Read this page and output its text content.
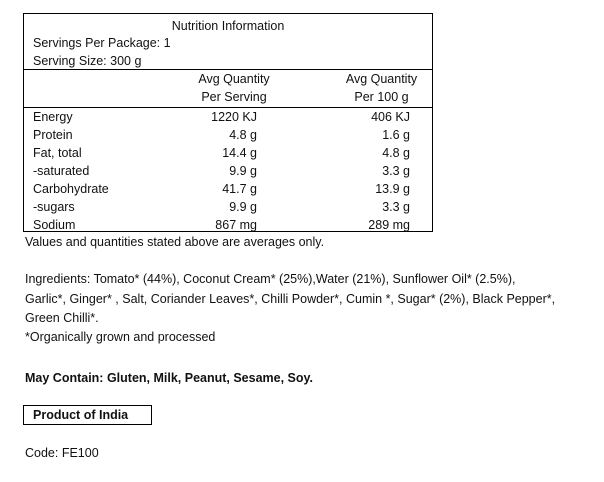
Nutrition Information
Servings Per Package: 1
Serving Size: 300 g
Avg Quantity
Per Serving
Avg Quantity
Per 100 g
Energy	1220 KJ	406 KJ
Protein	4.8 g	1.6 g
Fat, total	14.4 g	4.8 g
-saturated	9.9 g	3.3 g
Carbohydrate	41.7 g	13.9 g
-sugars	9.9 g	3.3 g
Sodium	867 mg	289 mg
Values and quantities stated above are averages only.
Ingredients: Tomato* (44%), Coconut Cream* (25%),Water (21%), Sunflower Oil* (2.5%),
Garlic*, Ginger* , Salt, Coriander Leaves*, Chilli Powder*, Cumin *, Sugar* (2%), Black Pepper*,
Green Chilli*.
*Organically grown and processed
May Contain: Gluten, Milk, Peanut, Sesame, Soy.
Product of India
Code: FE100
